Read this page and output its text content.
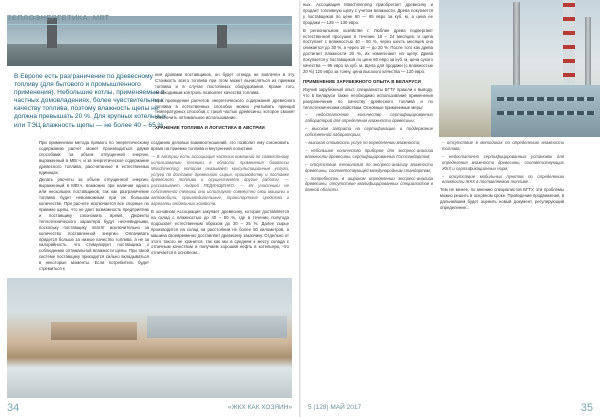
ТЕПЛОЭНЕРГЕТИКА. МВТ
В Европе есть разграничение по древесному топливу (для бытового и промышленного применения). Небольшие котлы, применяемые в частных домовладениях, более чувствительны к качеству топлива, поэтому влажность щепы не должна превышать 20 %. Для крупных котельных или ТЭЦ влажность щепы — не более 40 – 65 %.

ния дровами поставщиков, он будет отнюдь не вовлечен в эту. Стоимость всего топлива при этом может вычисляться из приемки топлива и в случае постоянных оборудования. Кроме того, необходимым контроль позволяет качества топлива.

При проведении расчетов энергетического содержания древесного топлива в естественных способах можно учитывать принцип температурных способов с такой частью древесины, которое сможет обеспечить оптимальное использование.

ХРАНЕНИЕ ТОПЛИВА И ЛОГИСТИКА В АВСТРИИ

При применении метода прямого по энергетическому содержанию расчет может производиться двумя способами: за объем отпущенной энергии, выраженный в МВт.ч, и за энергетическое содержание древесного топлива, рассчитанное в естественных единицах.

Делать расчеты за объем отпущенной энергии, выраженный в МВт.ч, возможно при наличии одного или нескольких поставщиков, так как разграничение топлива будет невозможным при их большом количестве. При расчете исключается все спорные по приемке щепы, что не дает возможность предприятию и поставщику сэкономить время. Дефекты теплотехнического характера будут неочевидными, поскольку поставщику платят исключительно за количество поставленной энергии. Оплачивать придется больше за низкое качество топлива, а не за калорийность, что стимулирует поставщика к соблюдению оптимальной влажности щепы. При такой системе поставщику приходится сильно вкладываться в некоторые моменты. Если потребитель будет стремиться к

созданию деловых взаимоотношений, это позволит ему сэкономить время на приемке топлива и внутренней логистике.

— В Австрии есть ассоциация частных компаний по совместному использованию техники в области применения биомассы Maschinenring, которая оказывает консультационные услуги, услуги по доставке древесного сырья, производству и поставке древесного топлива и осуществляет другие работы, — рассказывает Андрей ПЕДИАЩЕНКО. — Их участники не собственной техники они используют совместно свои машины и автомобили, производительные, транспортные средства и агрегаты отдельных хозяйств.

В основном Ассоциация закупает древесину, которая доставляется на склад с влажностью до 40 – 50 %, где в течение полугода подсыхает естественным образом до 20 – 25 %. Далее сырье производится на склад на расстоянии не более 50 километров, а машина своевременно доставляет древесину заказчику. Отдельно от этого такого не хранится, так как мы в среднем к месту склада с отличным качеством и получаем хороший нефть в котельную, что отличается в основном...

34	«ЖКХ КАК ХОЗЯИН»

ных. Ассоциация Maschinenring приобретает древесину и продает топливную щепу с учетом влажности. Древа покупается у поставщиков по цене 60 — 65 евро за куб. м, а цена ее продажи — 125 — 130 евро.

В региональном хозяйстве г. Люблин древа подвергают естественной просушке в течение 18 – 24 месяцев, и щепа поступает с влажностью 40 – 50 %, через шесть месяцев она снижается до 30 %, а через 18 — до 20 %. После того как древа достигает влажности 20 %, их измельчают на щепу. Древа покупается у поставщиков по цене 60 евро за куб. м, цена сухого качества — 95 евро за куб. м. Щепа для продажи (с влажностью 20 %) 120 евро за тонну, цена высокого качества — 120 евро.

ПРИМЕНЕНИЕ ЗАРУБЕЖНОГО ОПЫТА В БЕЛАРУСИ

Изучив зарубежный опыт, специалисты БГТУ пришли к выводу, что в Беларуси также необходимо использование применения разграничения по качеству древесного топлива и по теплотехническим свойствам. Основные применимые меры:

– недостаточное количество сертифицированных лабораторий для определения влажности древесины;

– высокая затрата на сертификацию и поддержание собственной лаборатории;

– высокая стоимость услуг по определению влажности;

– небольшое количество приборов для экспресс-анализа влажности древесины, сертифицированных Госстандартом;

– отсутствие технологий по экспресс-анализу влажности древесины, соответствующей международным стандартам;

– потребность в широком определении экспресс-анализа древесины, отсутствие квалифицированных специалистов в данной области.

– отсутствие в методиках по определению влажности топлива;

– недостаточно сертифицированных установок для определения влажности древесины, соответствующих ЖКХ и сертификационных норм;

– отсутствие мобильных пунктов по определению влажности ЖКХ в поставляемом топливе.

Тем не менее, по мнению специалистов БГТУ, эти проблемы можно решить в основном сроке. Проведение продвижения, в дальнейшем будет оценить новый документ, регулирующий определение...

5 (128) МАЙ 2017	35
